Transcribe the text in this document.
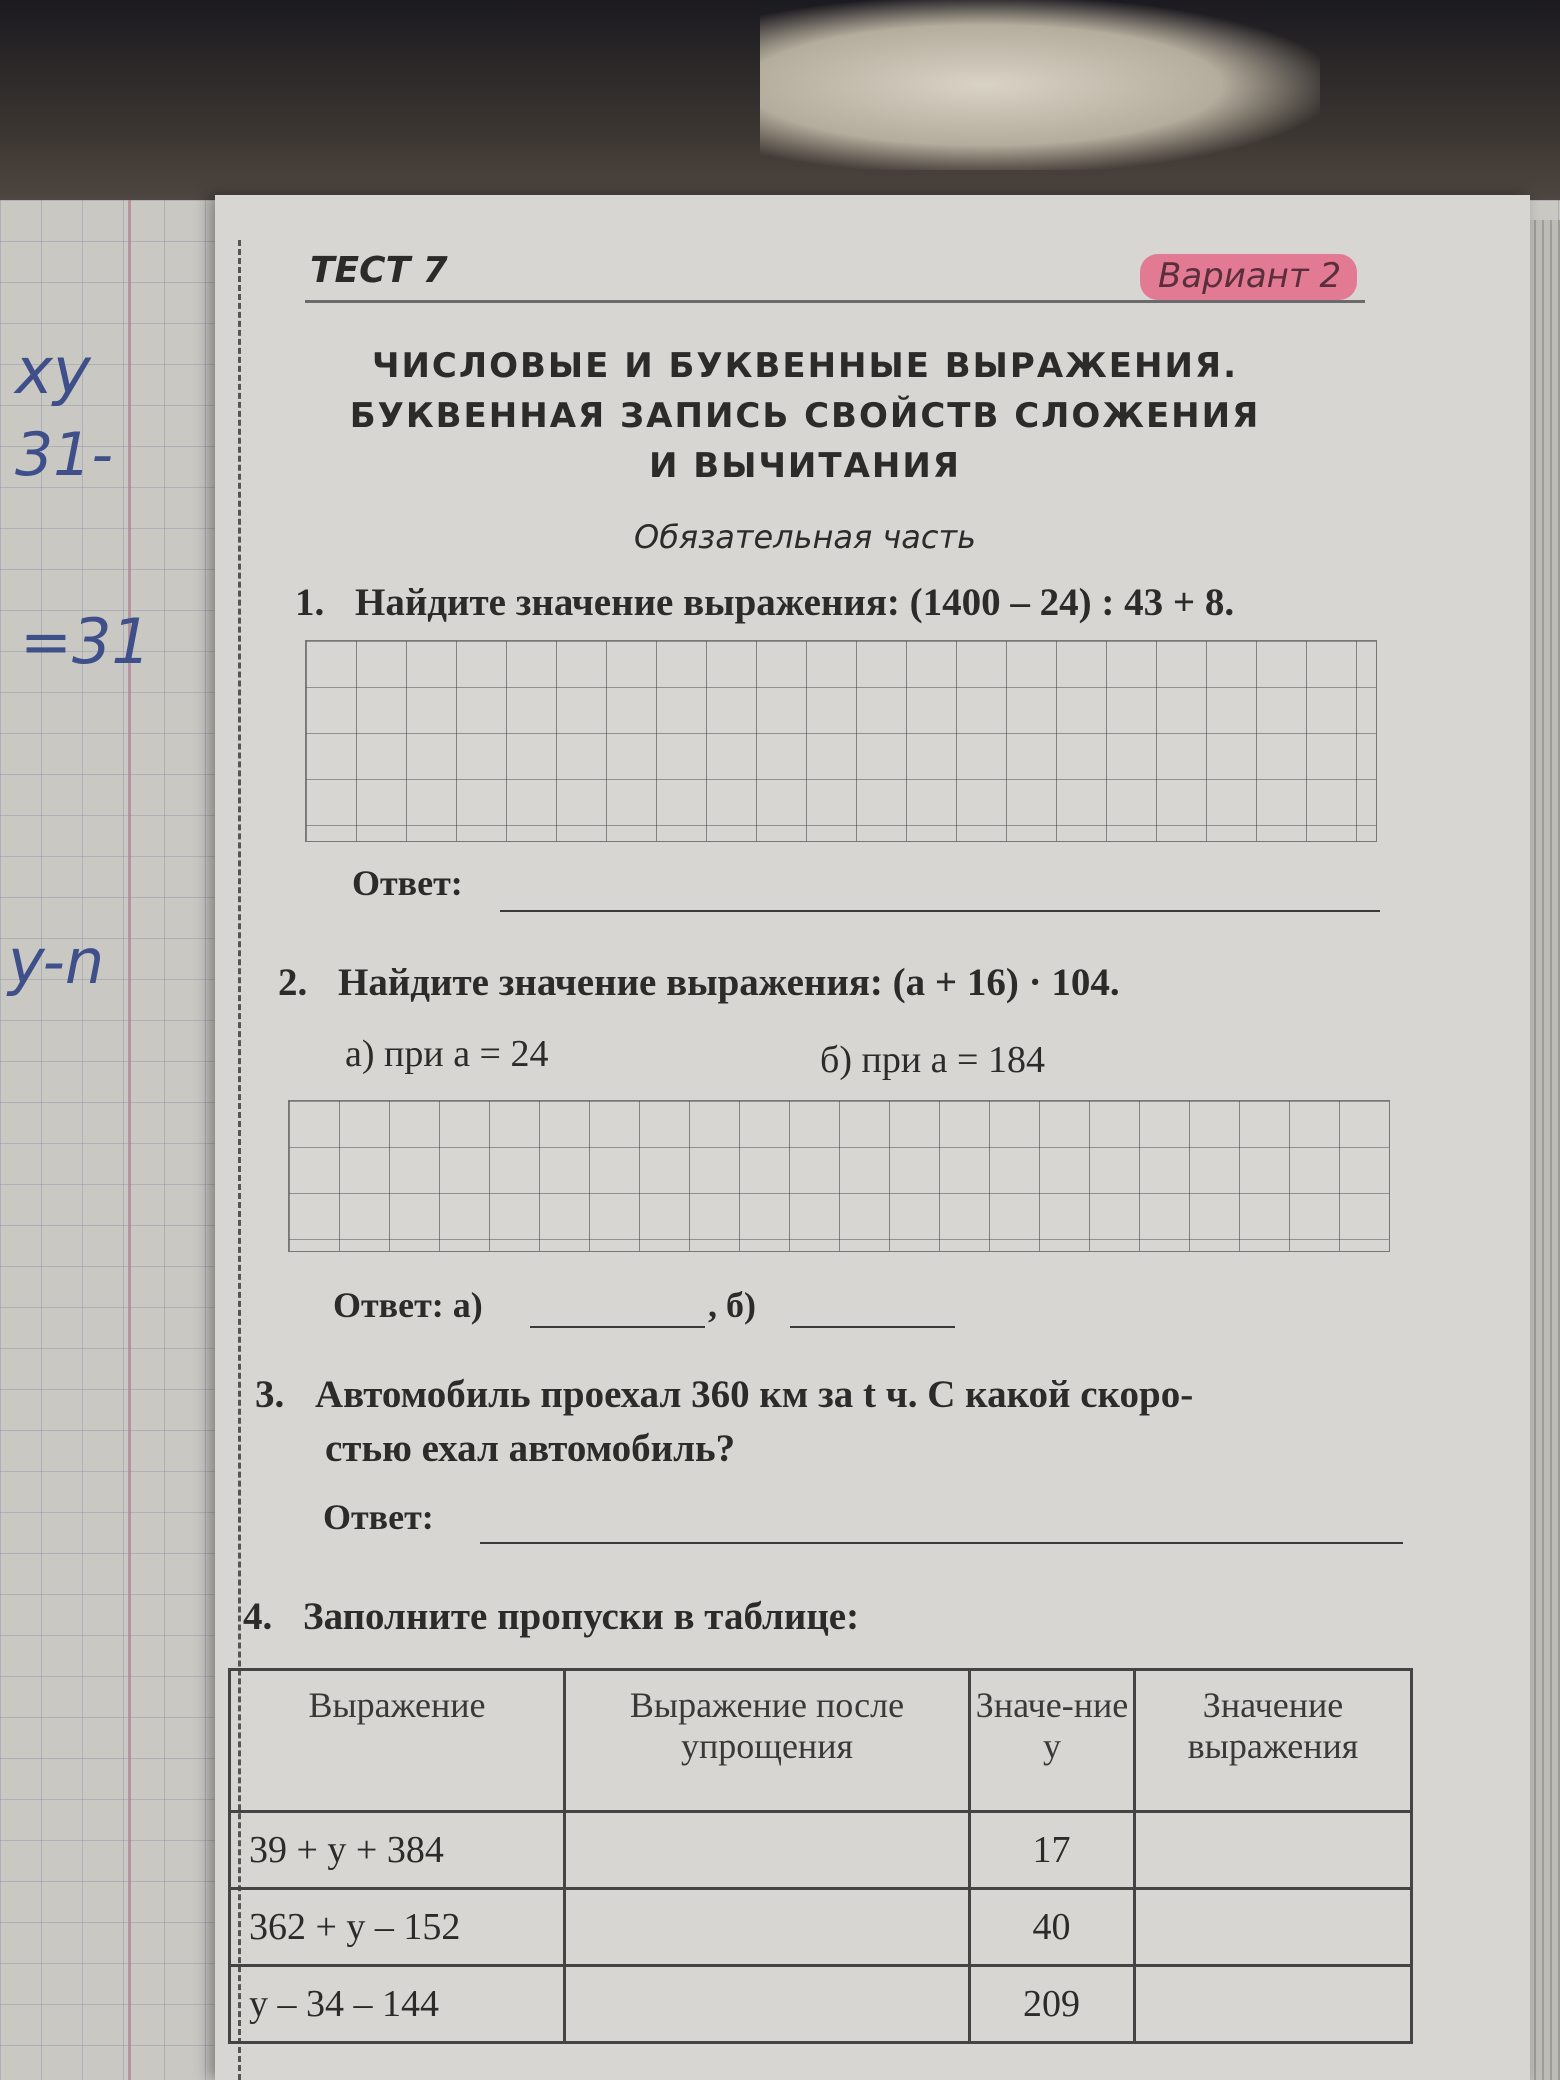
xy
31-
=31
y-n
ТЕСТ 7	Вариант 2
ЧИСЛОВЫЕ И БУКВЕННЫЕ ВЫРАЖЕНИЯ.
БУКВЕННАЯ ЗАПИСЬ СВОЙСТВ СЛОЖЕНИЯ
И ВЫЧИТАНИЯ
Обязательная часть
1. Найдите значение выражения: (1400 – 24) : 43 + 8.
Ответ:
2. Найдите значение выражения: (a + 16) · 104.
а) при a = 24	б) при a = 184
Ответ: а)	, б)
3. Автомобиль проехал 360 км за t ч. С какой скоро-
стью ехал автомобиль?
Ответ:
4. Заполните пропуски в таблице:
Выражение	Выражение после упрощения	Значе-ние y	Значение выражения
39 + y + 384		17	
362 + y – 152		40	
y – 34 – 144		209	
